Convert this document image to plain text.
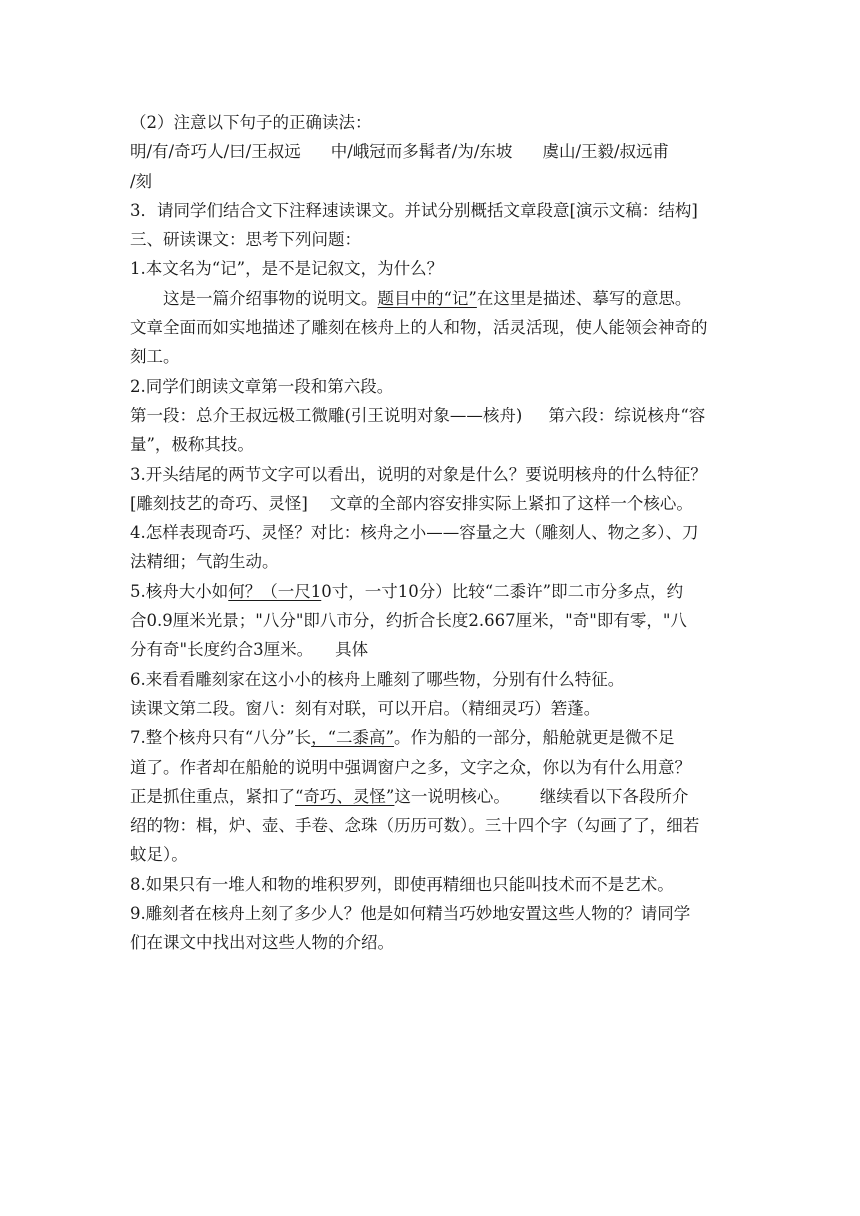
（2）注意以下句子的正确读法：
明/有/奇巧人/曰/王叔远 中/峨冠而多髯者/为/东坡 虞山/王毅/叔远甫
/刻
3．请同学们结合文下注释速读课文。并试分别概括文章段意[演示文稿：结构]
三、研读课文：思考下列问题：
1.本文名为“记”，是不是记叙文，为什么？
这是一篇介绍事物的说明文。题目中的“记”在这里是描述、摹写的意思。
文章全面而如实地描述了雕刻在核舟上的人和物，活灵活现，使人能领会神奇的
刻工。
2.同学们朗读文章第一段和第六段。
第一段：总介王叔远极工微雕(引王说明对象——核舟) 第六段：综说核舟“容
量”，极称其技。
3.开头结尾的两节文字可以看出，说明的对象是什么？要说明核舟的什么特征？
[雕刻技艺的奇巧、灵怪] 文章的全部内容安排实际上紧扣了这样一个核心。
4.怎样表现奇巧、灵怪？对比：核舟之小——容量之大（雕刻人、物之多）、刀
法精细；气韵生动。
5.核舟大小如何？（一尺10寸，一寸10分）比较“二黍许”即二市分多点，约
合0.9厘米光景；"八分"即八市分，约折合长度2.667厘米，"奇"即有零，"八
分有奇"长度约合3厘米。 具体
6.来看看雕刻家在这小小的核舟上雕刻了哪些物，分别有什么特征。
读课文第二段。窗八：刻有对联，可以开启。（精细灵巧）箬蓬。
7.整个核舟只有“八分”长，“二黍高”。作为船的一部分，船舱就更是微不足
道了。作者却在船舱的说明中强调窗户之多，文字之众，你以为有什么用意？
正是抓住重点，紧扣了“奇巧、灵怪”这一说明核心。 继续看以下各段所介
绍的物：楫，炉、壶、手卷、念珠（历历可数）。三十四个字（勾画了了，细若
蚊足）。
8.如果只有一堆人和物的堆积罗列，即使再精细也只能叫技术而不是艺术。
9.雕刻者在核舟上刻了多少人？他是如何精当巧妙地安置这些人物的？请同学
们在课文中找出对这些人物的介绍。
